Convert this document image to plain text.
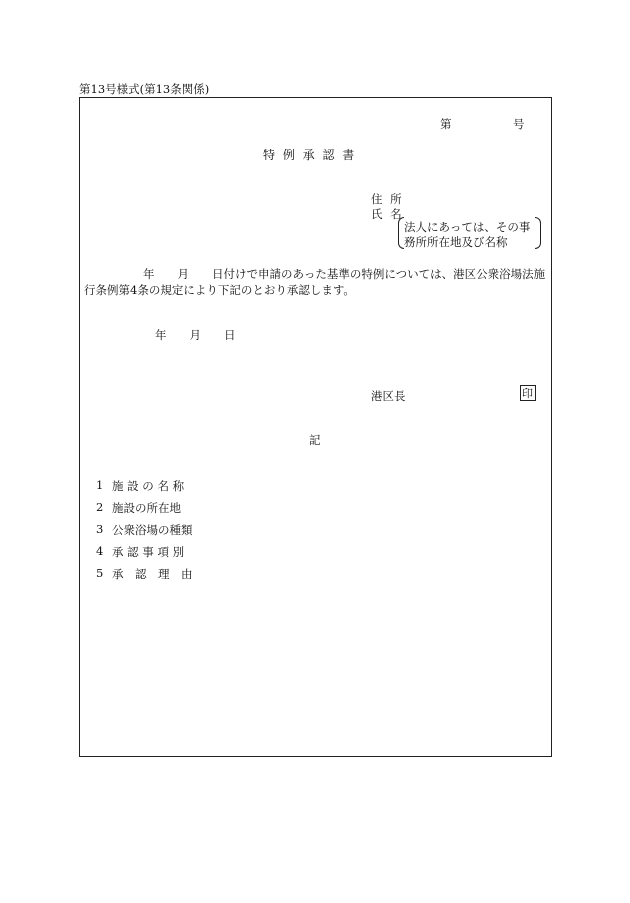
第13号様式(第13条関係)
第	号
特 例 承 認 書
住 所
氏 名
法人にあっては、その事
務所所在地及び名称
年　　月　　日付けで申請のあった基準の特例については、港区公衆浴場法施
行条例第4条の規定により下記のとおり承認します。
年　　月　　日
港区長	印
記
1 施 設 の 名 称
2 施設の所在地
3 公衆浴場の種類
4 承 認 事 項 別
5 承　認　理　由
